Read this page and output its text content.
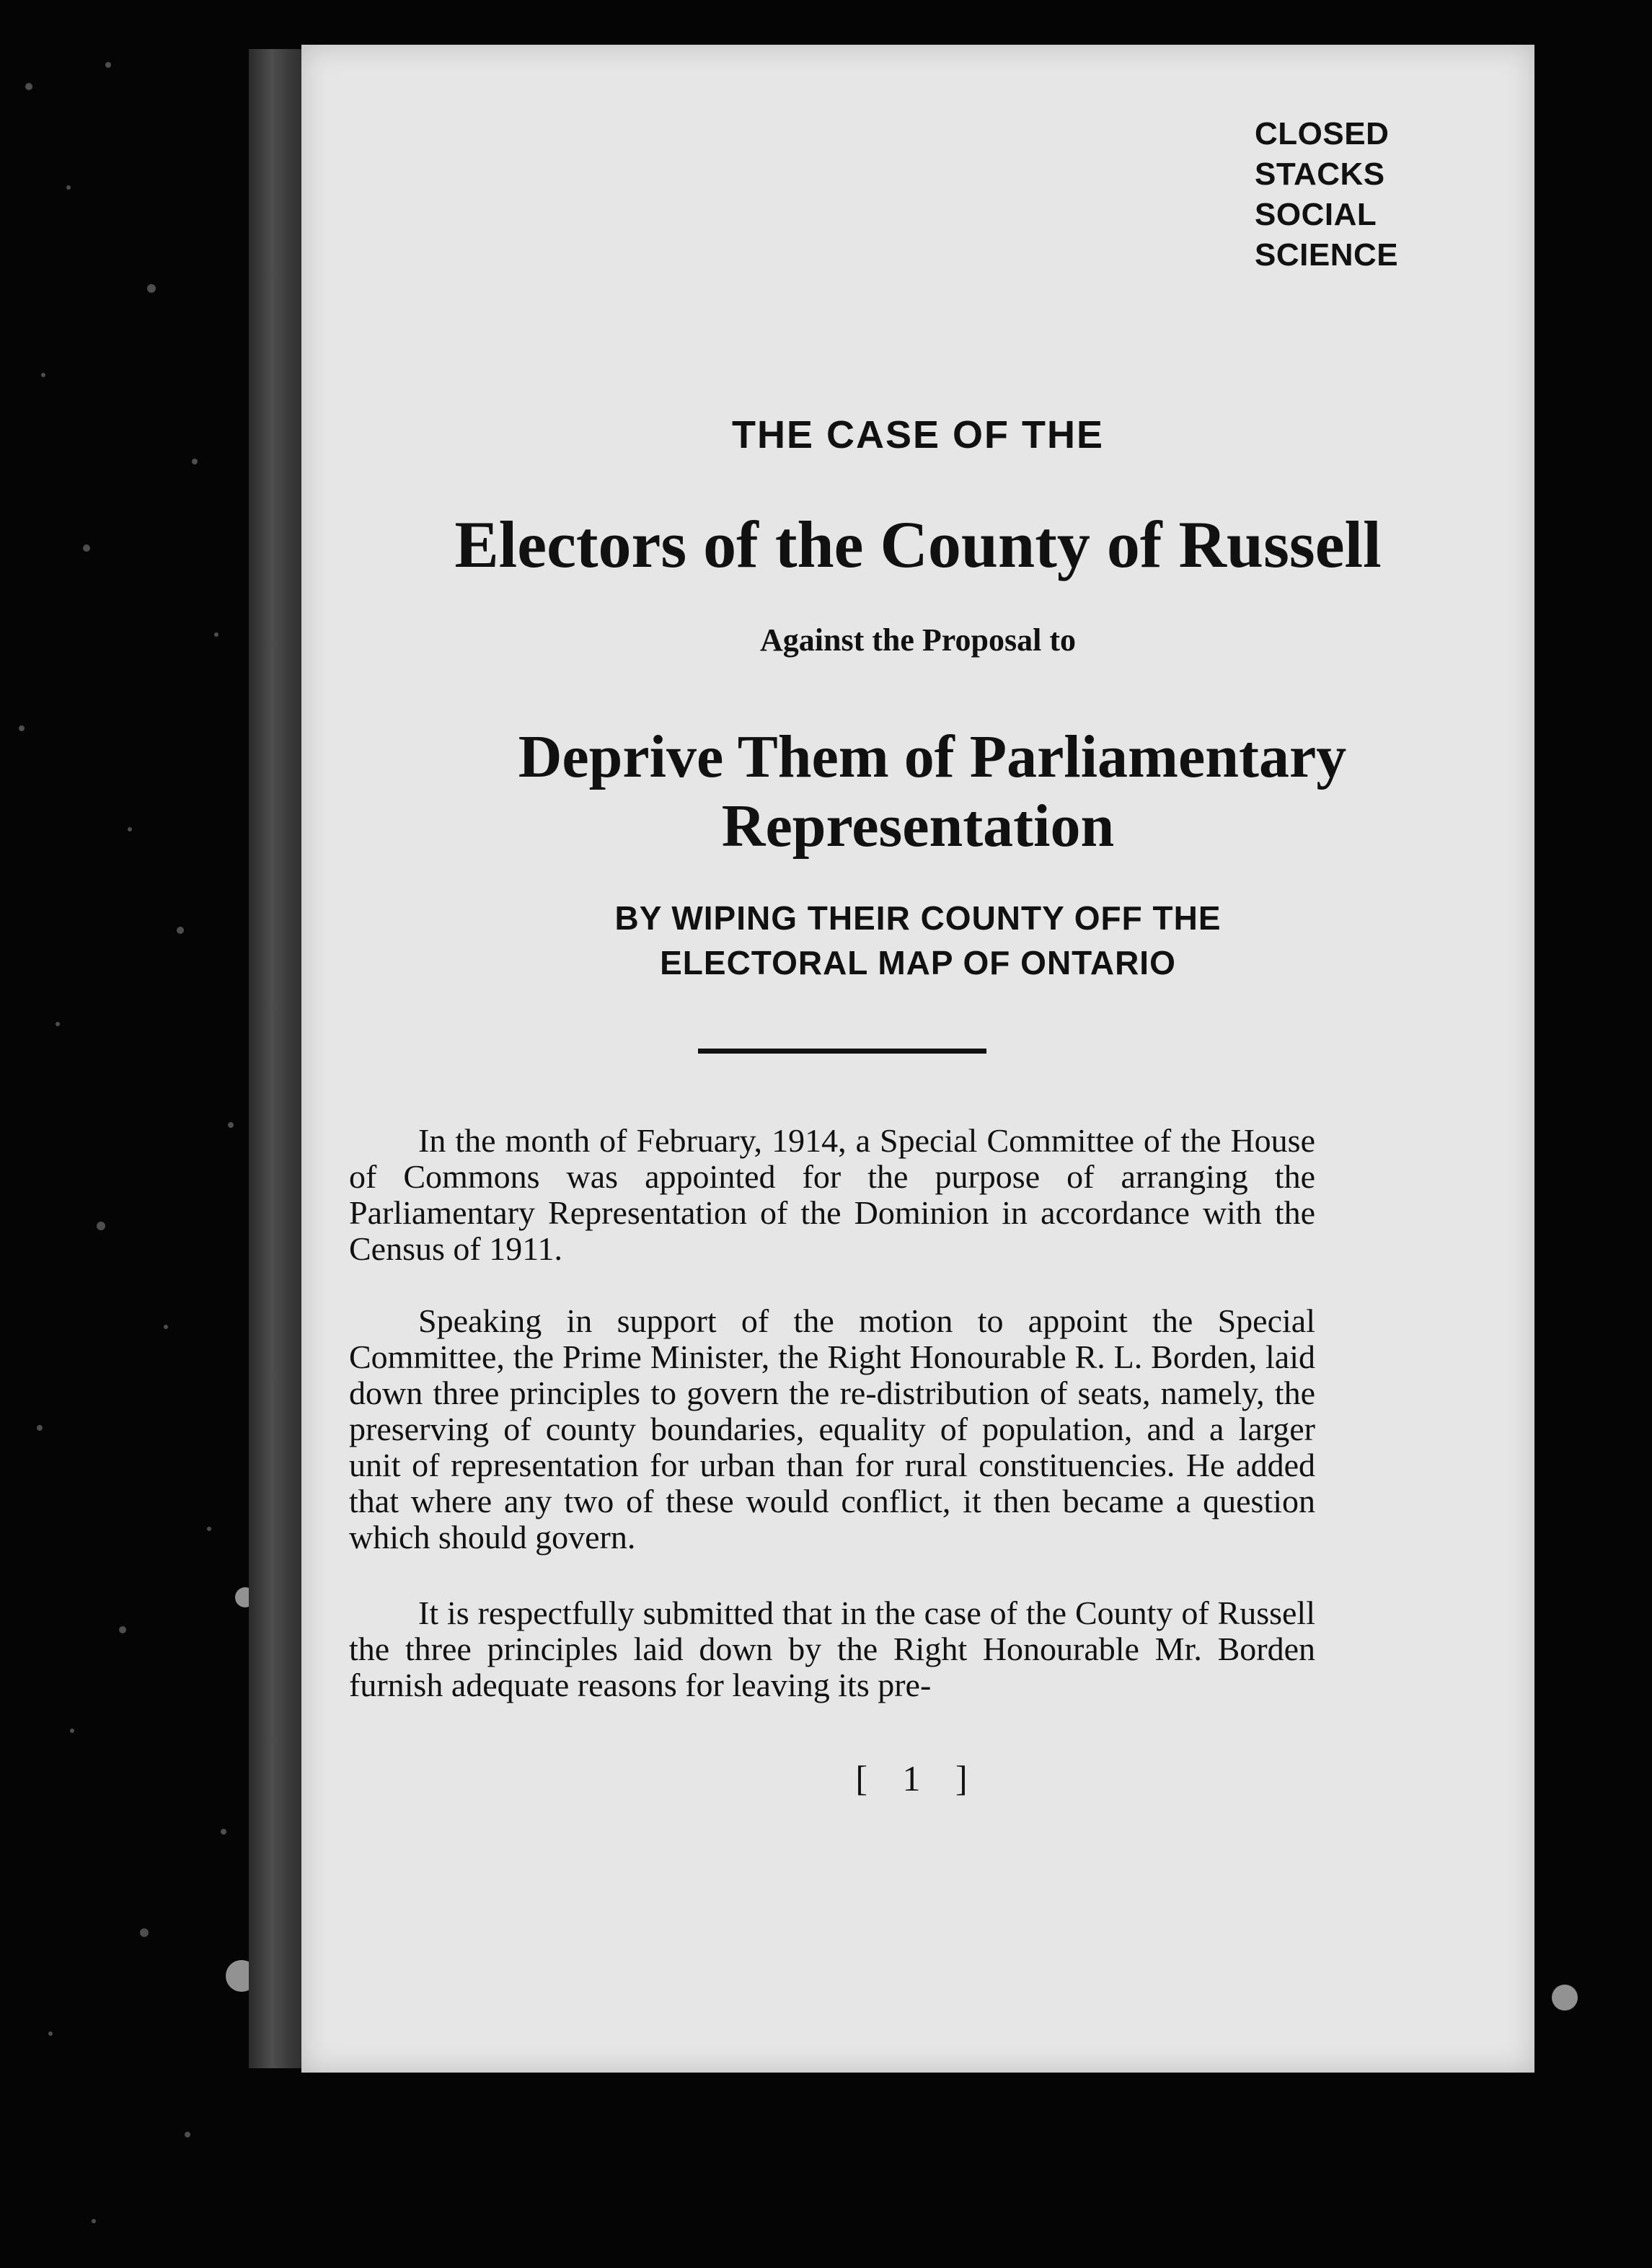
CLOSED
STACKS
SOCIAL
SCIENCE
THE CASE OF THE
Electors of the County of Russell
Against the Proposal to
Deprive Them of Parliamentary
Representation
BY WIPING THEIR COUNTY OFF THE
ELECTORAL MAP OF ONTARIO

In the month of February, 1914, a Special Committee of the House of Commons was appointed for the purpose of arranging the Parliamentary Representation of the Dominion in accordance with the Census of 1911.

Speaking in support of the motion to appoint the Special Committee, the Prime Minister, the Right Honourable R. L. Borden, laid down three principles to govern the re-distribution of seats, namely, the preserving of county boundaries, equality of population, and a larger unit of representation for urban than for rural constituencies. He added that where any two of these would conflict, it then became a question which should govern.

It is respectfully submitted that in the case of the County of Russell the three principles laid down by the Right Honourable Mr. Borden furnish adequate reasons for leaving its pre-

[ 1 ]
